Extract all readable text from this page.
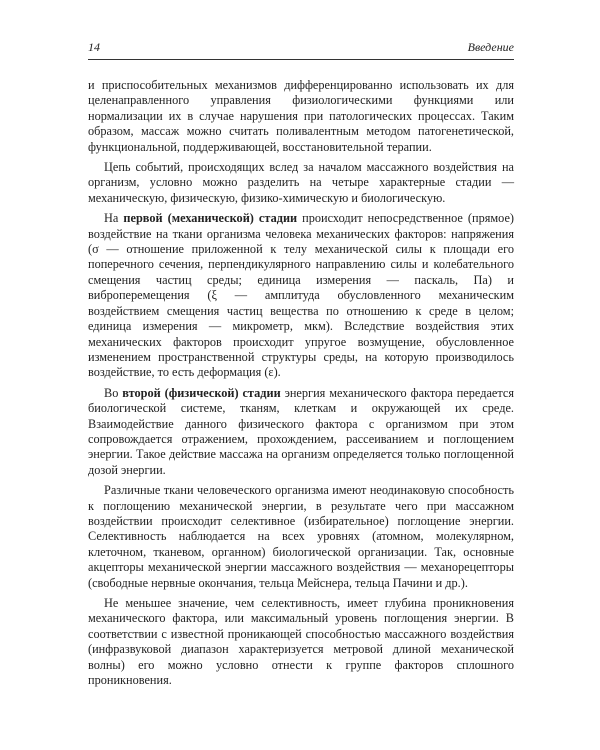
14	Введение

и приспособительных механизмов дифференцированно использовать их для целенаправленного управления физиологическими функциями или нормализации их в случае нарушения при патологических процессах. Таким образом, массаж можно считать поливалентным методом патогенетической, функциональной, поддерживающей, восстановительной терапии.

Цепь событий, происходящих вслед за началом массажного воздействия на организм, условно можно разделить на четыре характерные стадии — механическую, физическую, физико-химическую и биологическую.

На первой (механической) стадии происходит непосредственное (прямое) воздействие на ткани организма человека механических факторов: напряжения (σ — отношение приложенной к телу механической силы к площади его поперечного сечения, перпендикулярного направлению силы и колебательного смещения частиц среды; единица измерения — паскаль, Па) и виброперемещения (ξ — амплитуда обусловленного механическим воздействием смещения частиц вещества по отношению к среде в целом; единица измерения — микрометр, мкм). Вследствие воздействия этих механических факторов происходит упругое возмущение, обусловленное изменением пространственной структуры среды, на которую производилось воздействие, то есть деформация (ε).

Во второй (физической) стадии энергия механического фактора передается биологической системе, тканям, клеткам и окружающей их среде. Взаимодействие данного физического фактора с организмом при этом сопровождается отражением, прохождением, рассеиванием и поглощением энергии. Такое действие массажа на организм определяется только поглощенной дозой энергии.

Различные ткани человеческого организма имеют неодинаковую способность к поглощению механической энергии, в результате чего при массажном воздействии происходит селективное (избирательное) поглощение энергии. Селективность наблюдается на всех уровнях (атомном, молекулярном, клеточном, тканевом, органном) биологической организации. Так, основные акцепторы механической энергии массажного воздействия — механорецепторы (свободные нервные окончания, тельца Мейснера, тельца Пачини и др.).

Не меньшее значение, чем селективность, имеет глубина проникновения механического фактора, или максимальный уровень поглощения энергии. В соответствии с известной проникающей способностью массажного воздействия (инфразвуковой диапазон характеризуется метровой длиной механической волны) его можно условно отнести к группе факторов сплошного проникновения.
